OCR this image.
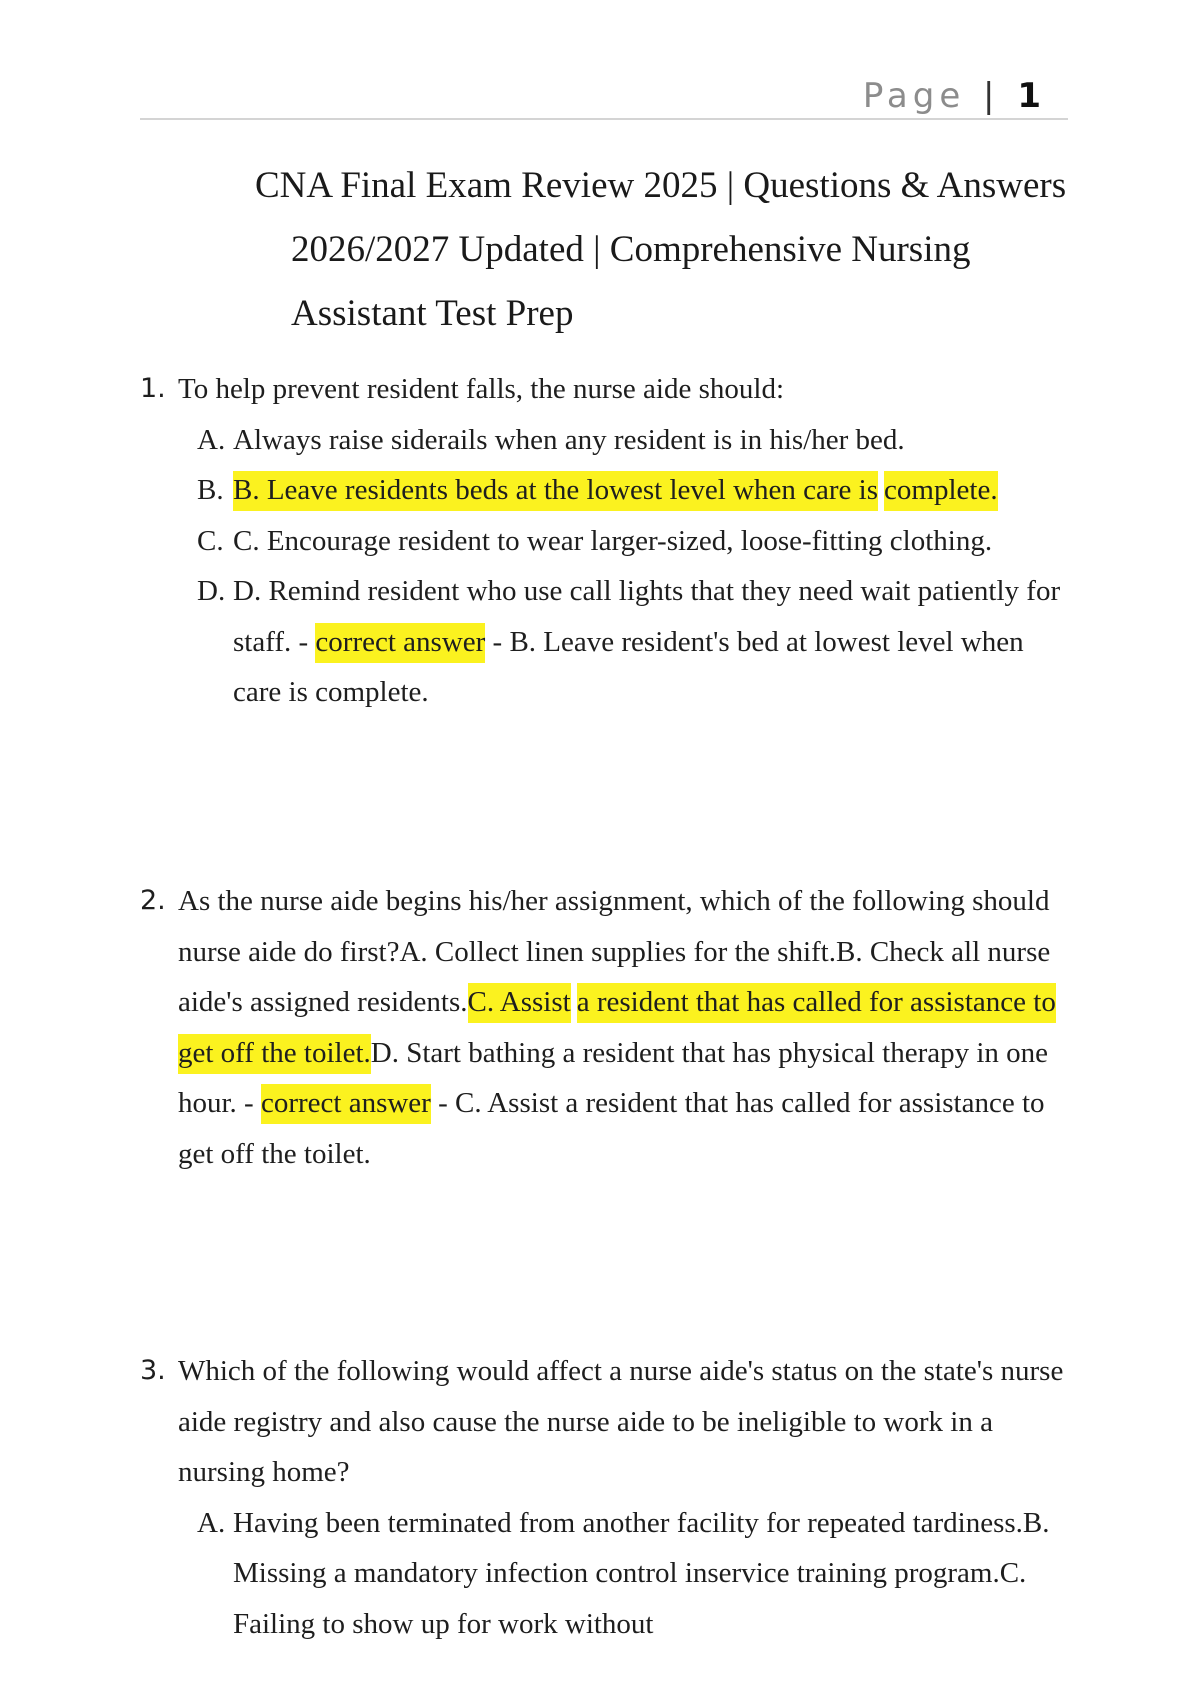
Page | 1
CNA Final Exam Review 2025 | Questions & Answers
2026/2027 Updated | Comprehensive Nursing
Assistant Test Prep
1. To help prevent resident falls, the nurse aide should:
A. Always raise siderails when any resident is in his/her bed.
B. B. Leave residents beds at the lowest level when care is complete.
C. C. Encourage resident to wear larger-sized, loose-fitting clothing.
D. D. Remind resident who use call lights that they need wait patiently for staff. - correct answer - B. Leave resident's bed at lowest level when care is complete.
2. As the nurse aide begins his/her assignment, which of the following should nurse aide do first?A. Collect linen supplies for the shift.B. Check all nurse aide's assigned residents.C. Assist a resident that has called for assistance to get off the toilet.D. Start bathing a resident that has physical therapy in one hour. - correct answer - C. Assist a resident that has called for assistance to get off the toilet.
3. Which of the following would affect a nurse aide's status on the state's nurse aide registry and also cause the nurse aide to be ineligible to work in a nursing home?
A. Having been terminated from another facility for repeated tardiness.B. Missing a mandatory infection control inservice training program.C. Failing to show up for work without
